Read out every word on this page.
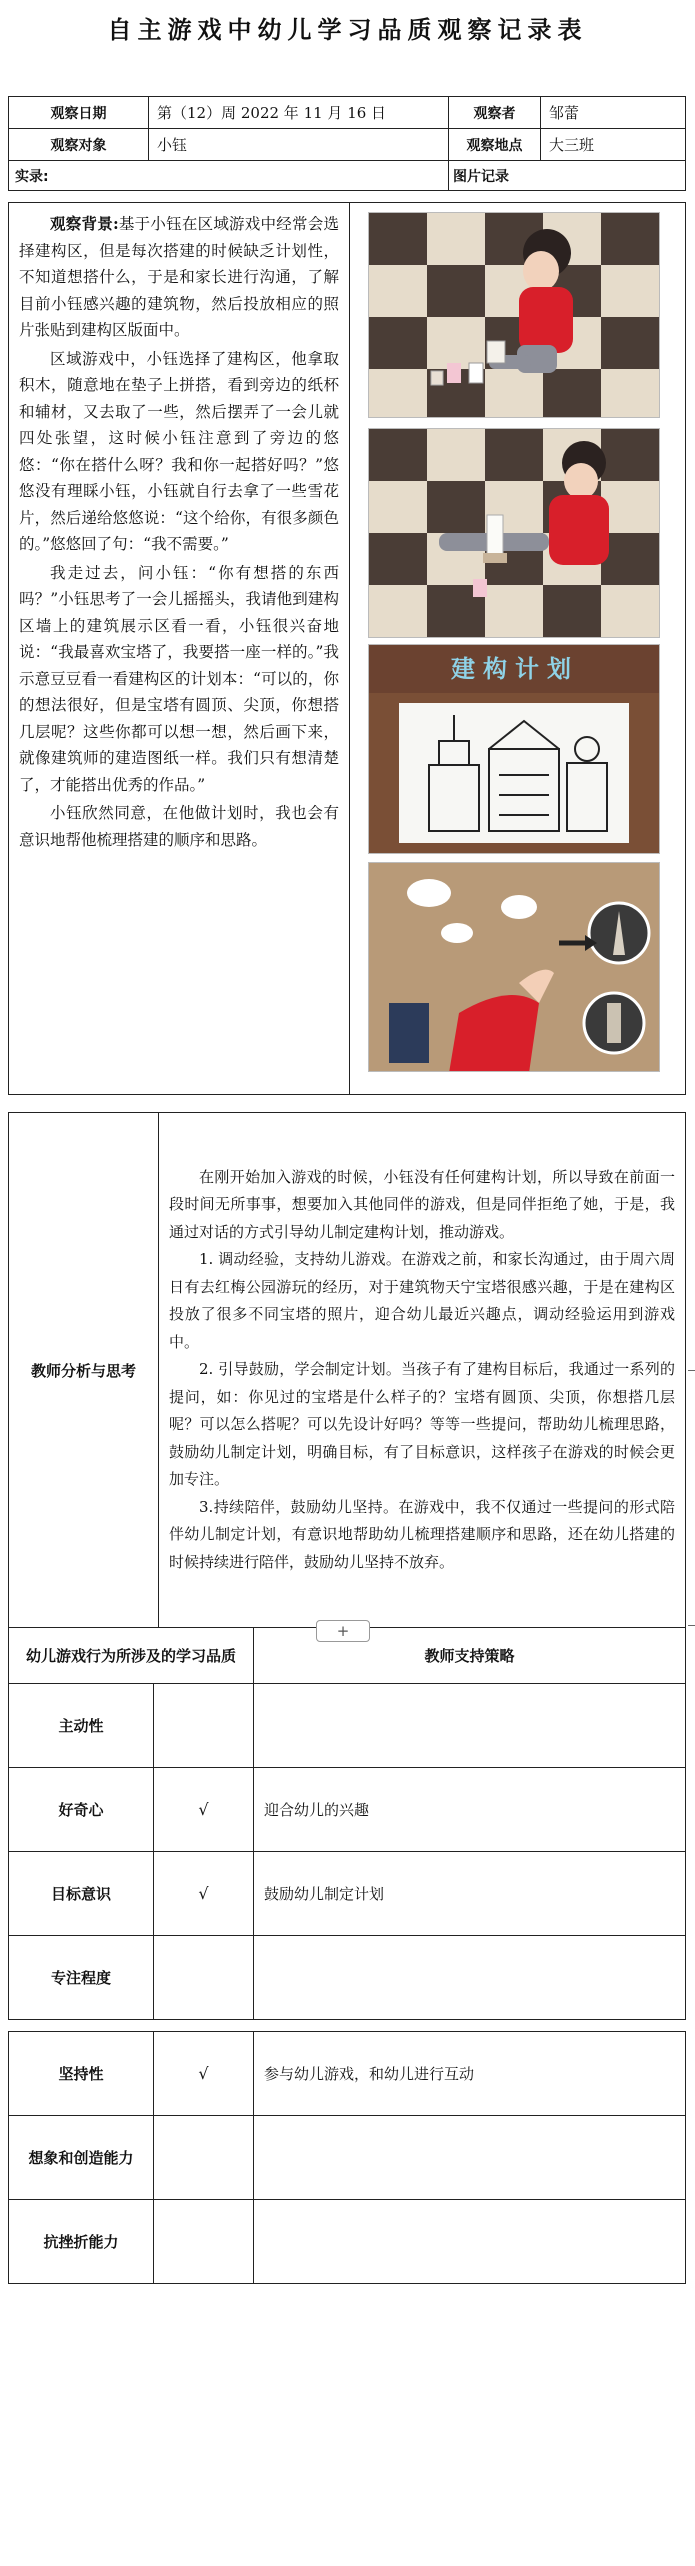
自主游戏中幼儿学习品质观察记录表
观察日期	第（12）周 2022 年 11 月 16 日	观察者	邹蕾
观察对象	小钰	观察地点	大三班
实录:		图片记录	

观察背景:基于小钰在区域游戏中经常会选择建构区，但是每次搭建的时候缺乏计划性，不知道想搭什么，于是和家长进行沟通，了解目前小钰感兴趣的建筑物，然后投放相应的照片张贴到建构区版面中。

区域游戏中，小钰选择了建构区，他拿取积木，随意地在垫子上拼搭，看到旁边的纸杯和辅材，又去取了一些，然后摆弄了一会儿就四处张望，这时候小钰注意到了旁边的悠悠：“你在搭什么呀？我和你一起搭好吗？”悠悠没有理睬小钰，小钰就自行去拿了一些雪花片，然后递给悠悠说：“这个给你，有很多颜色的。”悠悠回了句：“我不需要。”

我走过去，问小钰：“你有想搭的东西吗？”小钰思考了一会儿摇摇头，我请他到建构区墙上的建筑展示区看一看，小钰很兴奋地说：“我最喜欢宝塔了，我要搭一座一样的。”我示意豆豆看一看建构区的计划本：“可以的，你的想法很好，但是宝塔有圆顶、尖顶，你想搭几层呢？这些你都可以想一想，然后画下来，就像建筑师的建造图纸一样。我们只有想清楚了，才能搭出优秀的作品。”

小钰欣然同意，在他做计划时，我也会有意识地帮他梳理搭建的顺序和思路。

建构计划
教师分析与思考	

在刚开始加入游戏的时候，小钰没有任何建构计划，所以导致在前面一段时间无所事事，想要加入其他同伴的游戏，但是同伴拒绝了她，于是，我通过对话的方式引导幼儿制定建构计划，推动游戏。

1. 调动经验，支持幼儿游戏。在游戏之前，和家长沟通过，由于周六周日有去红梅公园游玩的经历，对于建筑物天宁宝塔很感兴趣，于是在建构区投放了很多不同宝塔的照片，迎合幼儿最近兴趣点，调动经验运用到游戏中。

2. 引导鼓励，学会制定计划。当孩子有了建构目标后，我通过一系列的提问，如：你见过的宝塔是什么样子的？宝塔有圆顶、尖顶，你想搭几层呢？可以怎么搭呢？可以先设计好吗？等等一些提问，帮助幼儿梳理思路，鼓励幼儿制定计划，明确目标，有了目标意识，这样孩子在游戏的时候会更加专注。

3.持续陪伴，鼓励幼儿坚持。在游戏中，我不仅通过一些提问的形式陪伴幼儿制定计划，有意识地帮助幼儿梳理搭建顺序和思路，还在幼儿搭建的时候持续进行陪伴，鼓励幼儿坚持不放弃。

幼儿游戏行为所涉及的学习品质		教师支持策略
主动性		
好奇心	√	迎合幼儿的兴趣
目标意识	√	鼓励幼儿制定计划
专注程度		

坚持性	√	参与幼儿游戏，和幼儿进行互动
想象和创造能力		
抗挫折能力		
+
